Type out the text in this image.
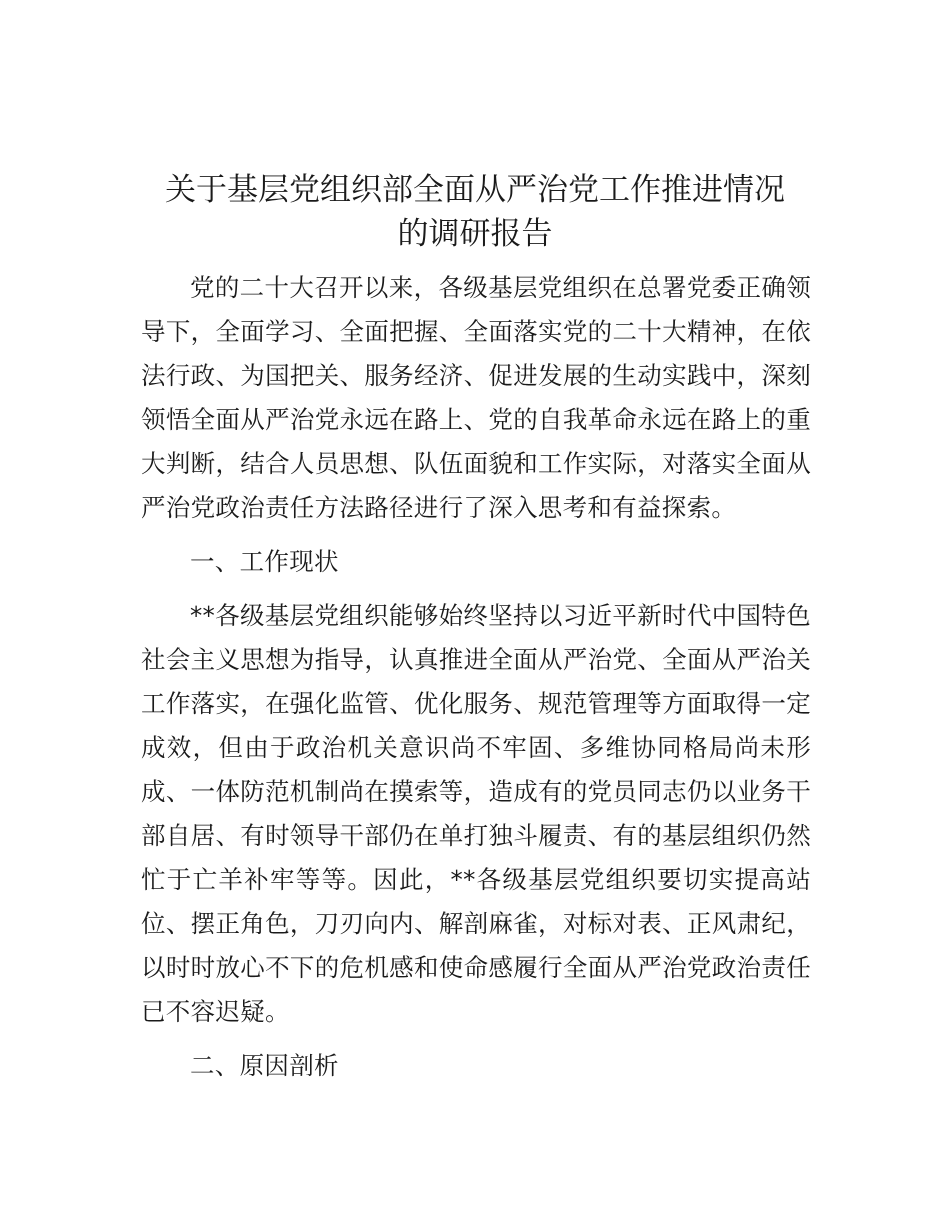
关于基层党组织部全面从严治党工作推进情况
的调研报告

党的二十大召开以来，各级基层党组织在总署党委正确领导下，全面学习、全面把握、全面落实党的二十大精神，在依法行政、为国把关、服务经济、促进发展的生动实践中，深刻领悟全面从严治党永远在路上、党的自我革命永远在路上的重大判断，结合人员思想、队伍面貌和工作实际，对落实全面从严治党政治责任方法路径进行了深入思考和有益探索。

一、工作现状

**各级基层党组织能够始终坚持以习近平新时代中国特色社会主义思想为指导，认真推进全面从严治党、全面从严治关工作落实，在强化监管、优化服务、规范管理等方面取得一定成效，但由于政治机关意识尚不牢固、多维协同格局尚未形成、一体防范机制尚在摸索等，造成有的党员同志仍以业务干部自居、有时领导干部仍在单打独斗履责、有的基层组织仍然忙于亡羊补牢等等。因此，**各级基层党组织要切实提高站位、摆正角色，刀刃向内、解剖麻雀，对标对表、正风肃纪，以时时放心不下的危机感和使命感履行全面从严治党政治责任已不容迟疑。

二、原因剖析
